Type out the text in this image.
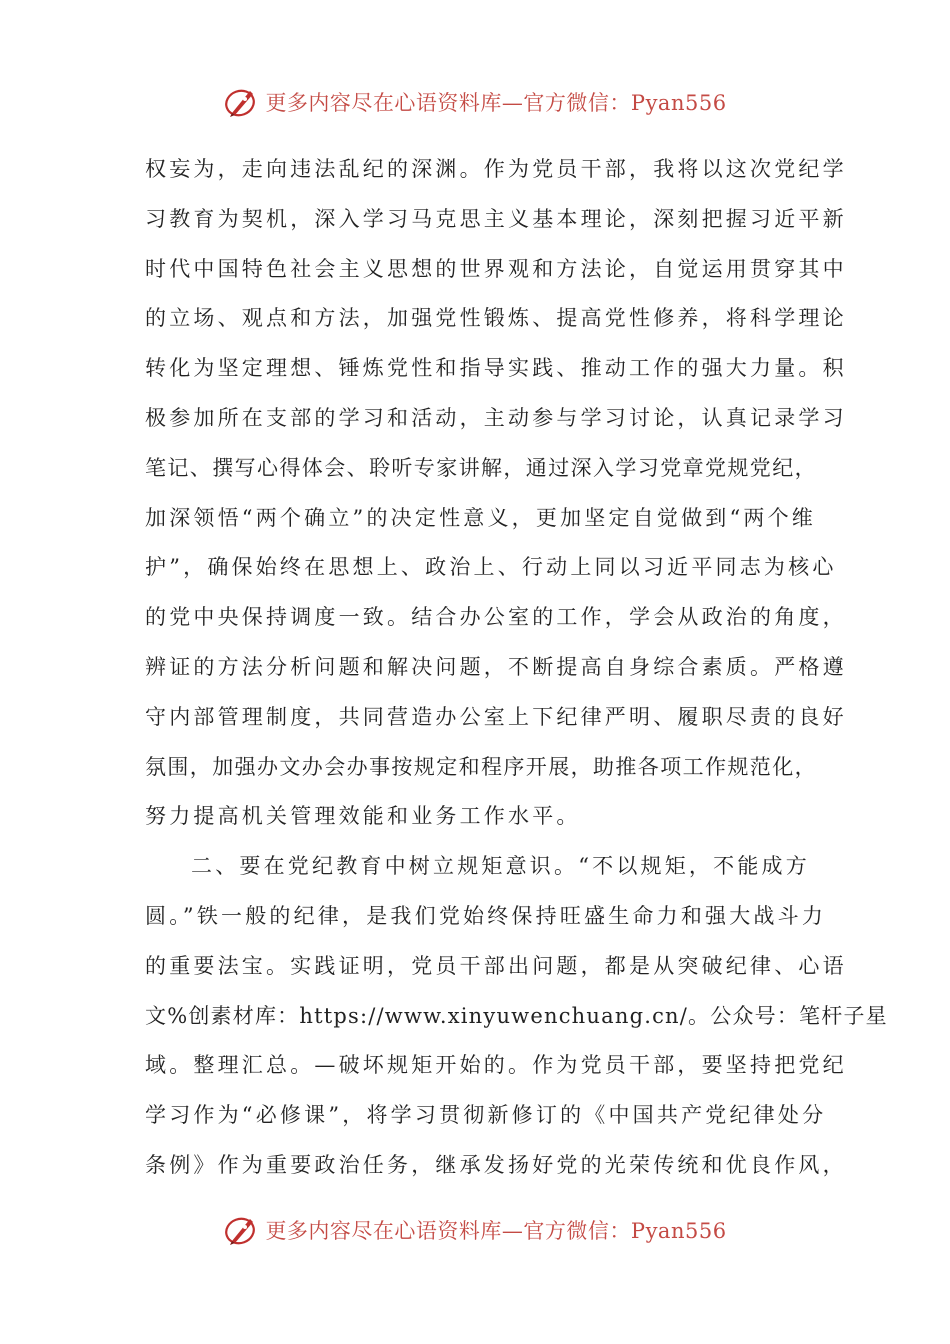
更多内容尽在心语资料库—官方微信：Pyan556
权妄为，走向违法乱纪的深渊。作为党员干部，我将以这次党纪学
习教育为契机，深入学习马克思主义基本理论，深刻把握习近平新
时代中国特色社会主义思想的世界观和方法论，自觉运用贯穿其中
的立场、观点和方法，加强党性锻炼、提高党性修养，将科学理论
转化为坚定理想、锤炼党性和指导实践、推动工作的强大力量。积
极参加所在支部的学习和活动，主动参与学习讨论，认真记录学习
笔记、撰写心得体会、聆听专家讲解，通过深入学习党章党规党纪，
加深领悟“两个确立”的决定性意义，更加坚定自觉做到“两个维
护”，确保始终在思想上、政治上、行动上同以习近平同志为核心
的党中央保持调度一致。结合办公室的工作，学会从政治的角度，
辨证的方法分析问题和解决问题，不断提高自身综合素质。严格遵
守内部管理制度，共同营造办公室上下纪律严明、履职尽责的良好
氛围，加强办文办会办事按规定和程序开展，助推各项工作规范化，
努力提高机关管理效能和业务工作水平。
二、要在党纪教育中树立规矩意识。“不以规矩，不能成方
圆。”铁一般的纪律，是我们党始终保持旺盛生命力和强大战斗力
的重要法宝。实践证明，党员干部出问题，都是从突破纪律、心语
文%创素材库：https://www.xinyuwenchuang.cn/。公众号：笔杆子星
域。整理汇总。—破坏规矩开始的。作为党员干部，要坚持把党纪
学习作为“必修课”，将学习贯彻新修订的《中国共产党纪律处分
条例》作为重要政治任务，继承发扬好党的光荣传统和优良作风，
更多内容尽在心语资料库—官方微信：Pyan556
